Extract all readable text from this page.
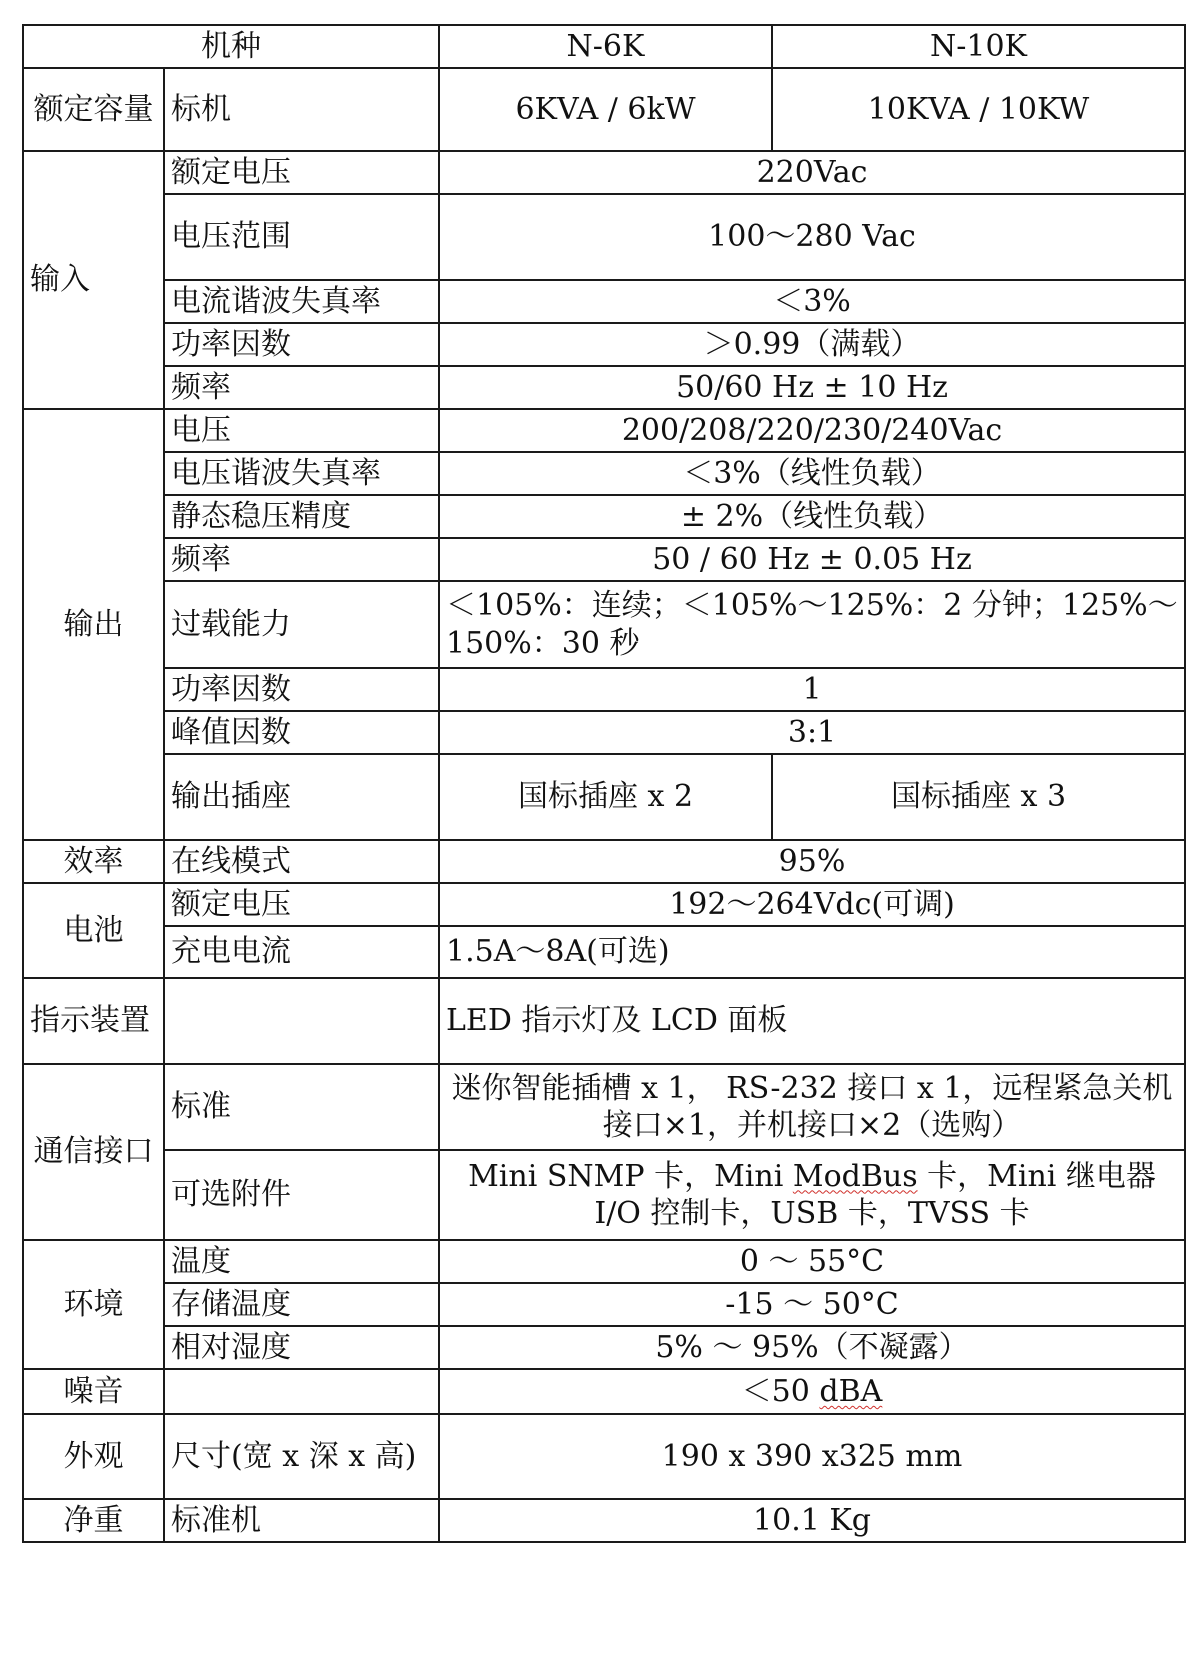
机种		N-6K	N-10K
额定容量	标机	6KVA / 6kW	10KVA / 10KW
输入	额定电压	220Vac	
	电压范围	100～280 Vac	
	电流谐波失真率	＜3%	
	功率因数	＞0.99（满载）	
	频率	50/60 Hz ± 10 Hz	
输出	电压	200/208/220/230/240Vac	
	电压谐波失真率	＜3%（线性负载）	
	静态稳压精度	± 2%（线性负载）	
	频率	50 / 60 Hz ± 0.05 Hz	
	过载能力	＜105%：连续；＜105%～125%：2 分钟；125%～150%：30 秒	
	功率因数	1	
	峰值因数	3:1	
	输出插座	国标插座 x 2	国标插座 x 3
效率	在线模式	95%	
电池	额定电压	192～264Vdc(可调)	
	充电电流	1.5A～8A(可选)	
指示装置		LED 指示灯及 LCD 面板	
通信接口	标准	迷你智能插槽 x 1， RS-232 接口 x 1，远程紧急关机接口×1，并机接口×2（选购）	
	可选附件	Mini SNMP 卡，Mini ModBus 卡，Mini 继电器 I/O 控制卡，USB 卡，TVSS 卡	
环境	温度	0 ～ 55°C	
	存储温度	-15 ～ 50°C	
	相对湿度	5% ～ 95%（不凝露）	
噪音		＜50 dBA	
外观	尺寸(宽 x 深 x 高)	190 x 390 x325 mm	
净重	标准机	10.1 Kg	
